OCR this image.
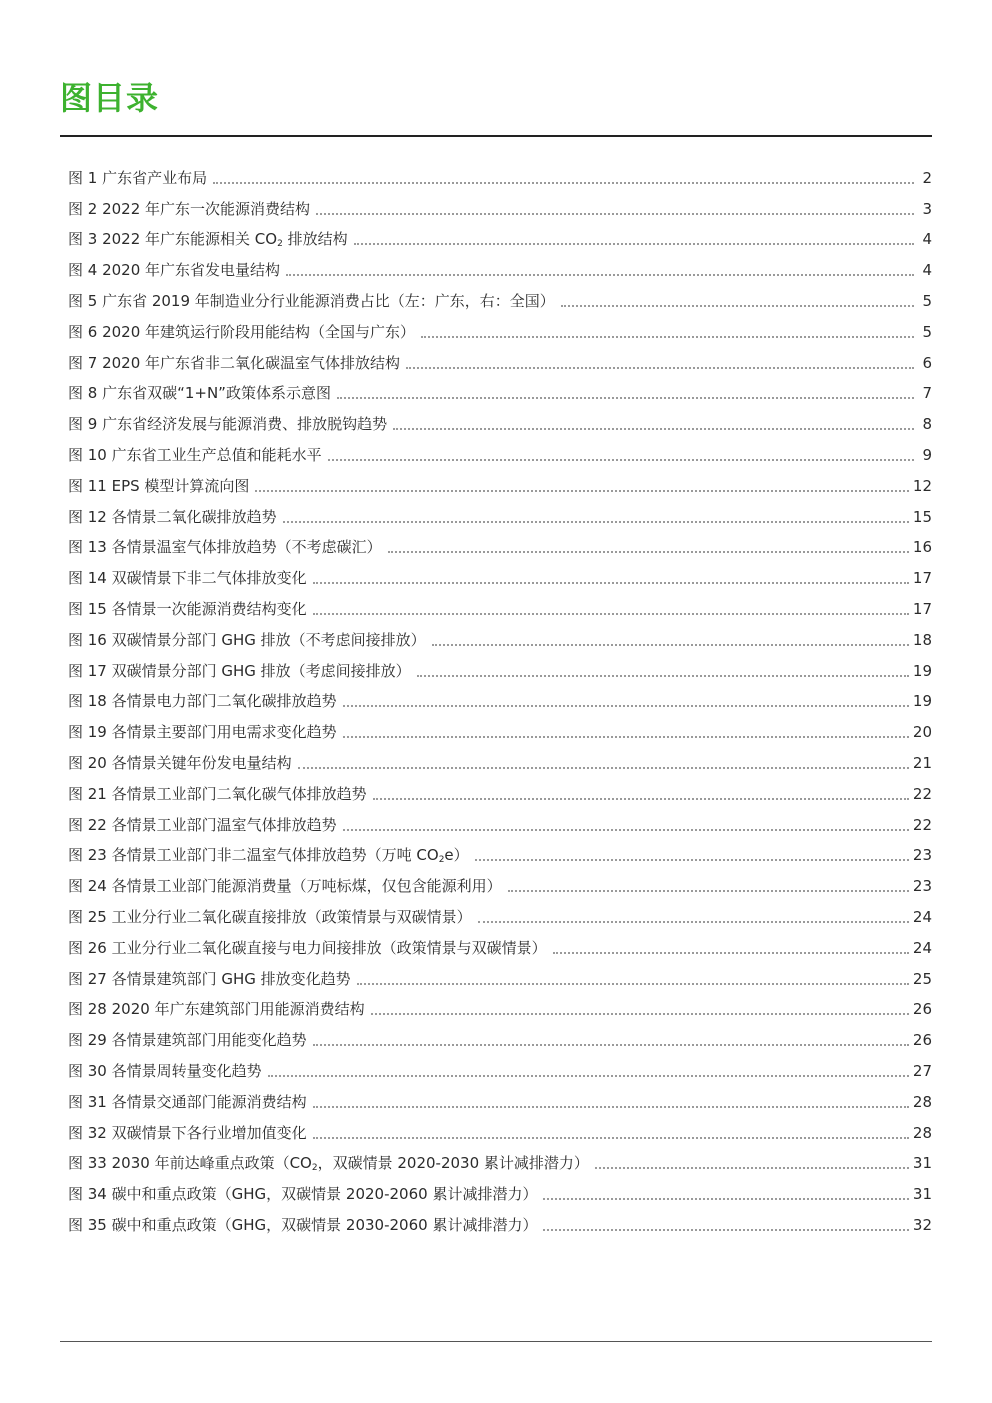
图目录
图 1 广东省产业布局	2
图 2 2022 年广东一次能源消费结构	3
图 3 2022 年广东能源相关 $CO_2$ 排放结构	4
图 4 2020 年广东省发电量结构	4
图 5 广东省 2019 年制造业分行业能源消费占比（左：广东，右：全国）	5
图 6 2020 年建筑运行阶段用能结构（全国与广东）	5
图 7 2020 年广东省非二氧化碳温室气体排放结构	6
图 8 广东省双碳“1+N”政策体系示意图	7
图 9 广东省经济发展与能源消费、排放脱钩趋势	8
图 10 广东省工业生产总值和能耗水平	9
图 11 EPS 模型计算流向图	12
图 12 各情景二氧化碳排放趋势	15
图 13 各情景温室气体排放趋势（不考虑碳汇）	16
图 14 双碳情景下非二气体排放变化	17
图 15 各情景一次能源消费结构变化	17
图 16 双碳情景分部门 GHG 排放（不考虑间接排放）	18
图 17 双碳情景分部门 GHG 排放（考虑间接排放）	19
图 18 各情景电力部门二氧化碳排放趋势	19
图 19 各情景主要部门用电需求变化趋势	20
图 20 各情景关键年份发电量结构	21
图 21 各情景工业部门二氧化碳气体排放趋势	22
图 22 各情景工业部门温室气体排放趋势	22
图 23 各情景工业部门非二温室气体排放趋势（万吨 $CO_2e$）	23
图 24 各情景工业部门能源消费量（万吨标煤，仅包含能源利用）	23
图 25 工业分行业二氧化碳直接排放（政策情景与双碳情景）	24
图 26 工业分行业二氧化碳直接与电力间接排放（政策情景与双碳情景）	24
图 27 各情景建筑部门 GHG 排放变化趋势	25
图 28 2020 年广东建筑部门用能源消费结构	26
图 29 各情景建筑部门用能变化趋势	26
图 30 各情景周转量变化趋势	27
图 31 各情景交通部门能源消费结构	28
图 32 双碳情景下各行业增加值变化	28
图 33 2030 年前达峰重点政策（$CO_2$，双碳情景 2020-2030 累计减排潜力）	31
图 34 碳中和重点政策（GHG，双碳情景 2020-2060 累计减排潜力）	31
图 35 碳中和重点政策（GHG，双碳情景 2030-2060 累计减排潜力）	32
